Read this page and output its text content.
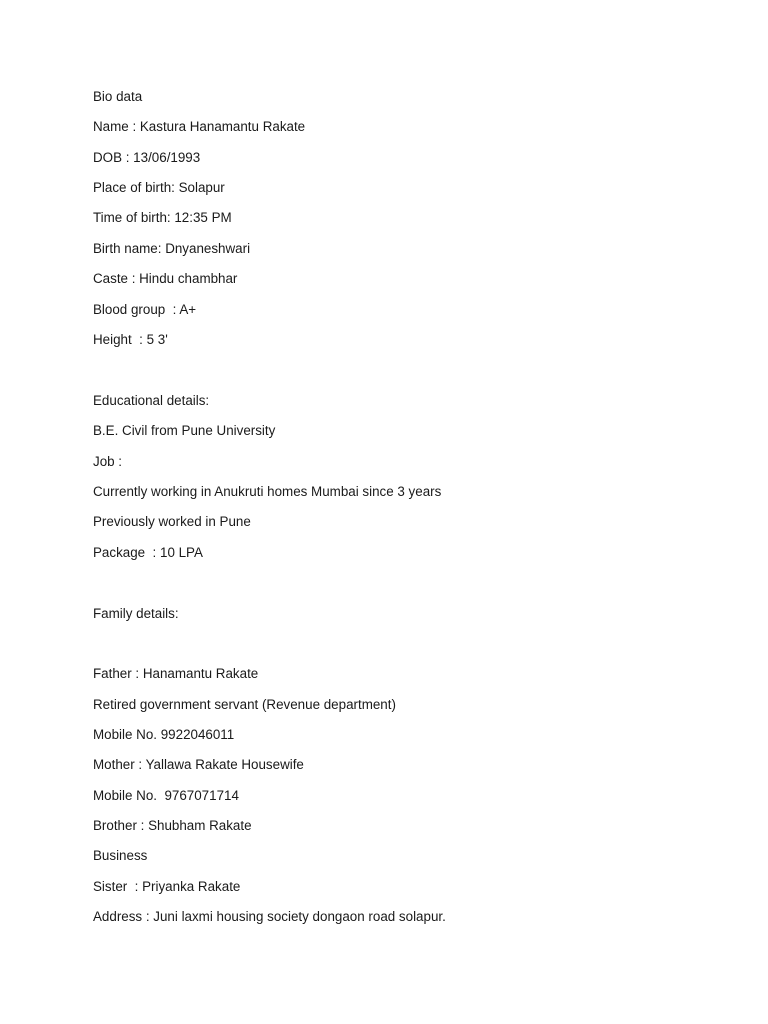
Bio data

Name : Kastura Hanamantu Rakate

DOB : 13/06/1993

Place of birth: Solapur

Time of birth: 12:35 PM

Birth name: Dnyaneshwari

Caste : Hindu chambhar

Blood group  : A+

Height  : 5 3'

Educational details:

B.E. Civil from Pune University

Job :

Currently working in Anukruti homes Mumbai since 3 years

Previously worked in Pune

Package  : 10 LPA

Family details:

Father : Hanamantu Rakate

Retired government servant (Revenue department)

Mobile No. 9922046011

Mother : Yallawa Rakate Housewife

Mobile No.  9767071714

Brother : Shubham Rakate

Business

Sister  : Priyanka Rakate

Address : Juni laxmi housing society dongaon road solapur.
